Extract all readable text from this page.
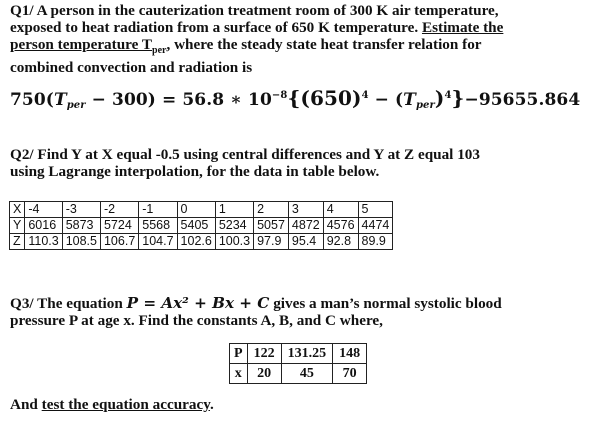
Q1/ A person in the cauterization treatment room of 300 K air temperature,
exposed to heat radiation from a surface of 650 K temperature. Estimate the
person temperature $T_{per}$, where the steady state heat transfer relation for
combined convection and radiation is
$750(T_{per} - 300) = 56.8$ ∗ $10^{-8}\{(650)^4 - (T_{per})^4\}-95655.864$
Q2/ Find Y at X equal -0.5 using central differences and Y at Z equal 103
using Lagrange interpolation, for the data in table below.
X	-4	-3	-2	-1	0	1	2	3	4	5
Y	6016	5873	5724	5568	5405	5234	5057	4872	4576	4474
Z	110.3	108.5	106.7	104.7	102.6	100.3	97.9	95.4	92.8	89.9
Q3/ The equation P = Ax² + Bx + C gives a man’s normal systolic blood
pressure P at age x. Find the constants A, B, and C where,
P	122	131.25	148
x	20	45	70
And test the equation accuracy.
